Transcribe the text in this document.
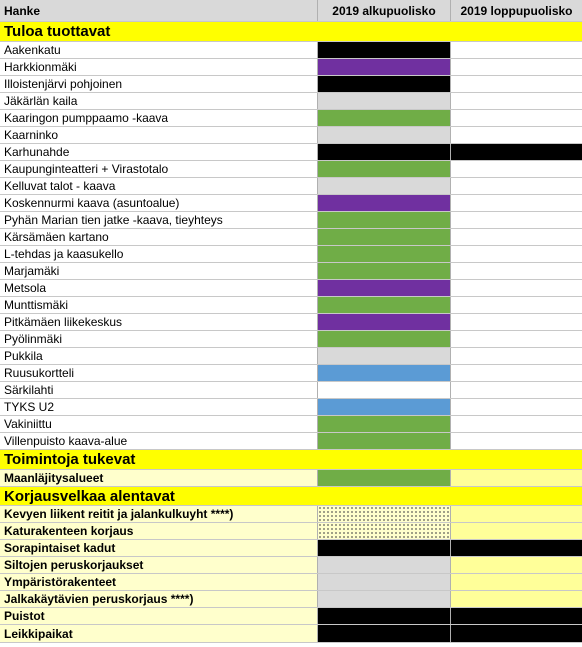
Hanke	2019 alkupuolisko	2019 loppupuolisko
Tuloa tuottavat
Aakenkatu
Harkkionmäki
Illoistenjärvi pohjoinen
Jäkärlän kaila
Kaaringon pumppaamo -kaava
Kaarninko
Karhunahde
Kaupunginteatteri + Virastotalo
Kelluvat talot - kaava
Koskennurmi kaava (asuntoalue)
Pyhän Marian tien jatke -kaava, tieyhteys
Kärsämäen kartano
L-tehdas ja kaasukello
Marjamäki
Metsola
Munttismäki
Pitkämäen liikekeskus
Pyölinmäki
Pukkila
Ruusukortteli
Särkilahti
TYKS U2
Vakiniittu
Villenpuisto kaava-alue
Toimintoja tukevat
Maanläjitysalueet
Korjausvelkaa alentavat
Kevyen liikent reitit ja jalankulkuyht ****)
Katurakenteen korjaus
Sorapintaiset kadut
Siltojen peruskorjaukset
Ympäristörakenteet
Jalkakäytävien peruskorjaus ****)
Puistot
Leikkipaikat
